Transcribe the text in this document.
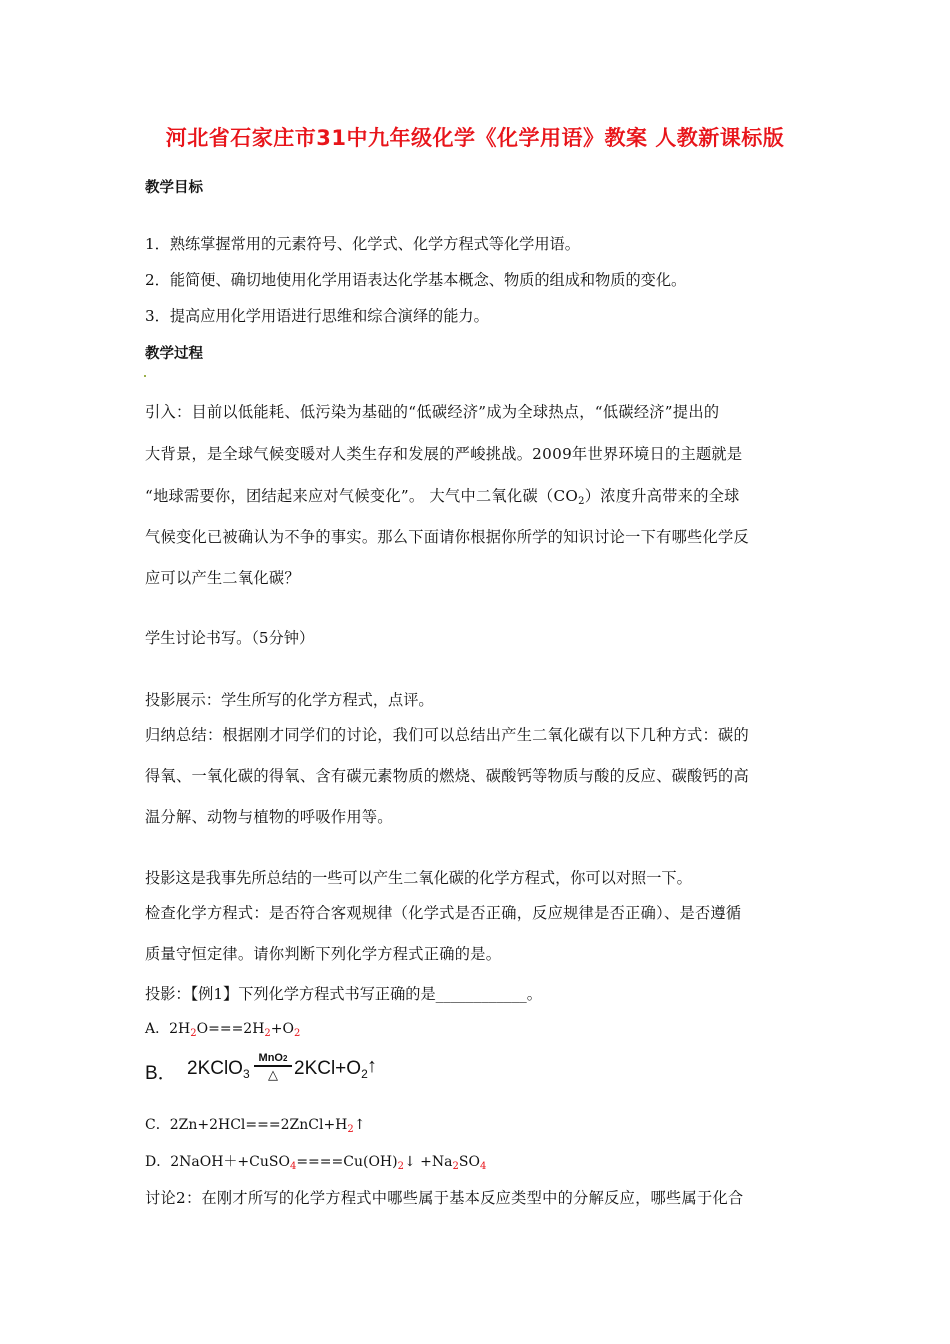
河北省石家庄市31中九年级化学《化学用语》教案 人教新课标版
教学目标
1．熟练掌握常用的元素符号、化学式、化学方程式等化学用语。
2．能简便、确切地使用化学用语表达化学基本概念、物质的组成和物质的变化。
3．提高应用化学用语进行思维和综合演绎的能力。
教学过程
引入：目前以低能耗、低污染为基础的“低碳经济”成为全球热点，“低碳经济”提出的
大背景，是全球气候变暖对人类生存和发展的严峻挑战。2009年世界环境日的主题就是
“地球需要你，团结起来应对气候变化”。 大气中二氧化碳$(CO_2)$浓度升高带来的全球
气候变化已被确认为不争的事实。那么下面请你根据你所学的知识讨论一下有哪些化学反
应可以产生二氧化碳？
学生讨论书写。（5分钟）
投影展示：学生所写的化学方程式，点评。
归纳总结：根据刚才同学们的讨论，我们可以总结出产生二氧化碳有以下几种方式：碳的
得氧、一氧化碳的得氧、含有碳元素物质的燃烧、碳酸钙等物质与酸的反应、碳酸钙的高
温分解、动物与植物的呼吸作用等。
投影这是我事先所总结的一些可以产生二氧化碳的化学方程式，你可以对照一下。
检查化学方程式：是否符合客观规律（化学式是否正确，反应规律是否正确）、是否遵循
质量守恒定律。请你判断下列化学方程式正确的是。
投影：【例1】下列化学方程式书写正确的是____________。
A．$2H_2O===2H_2+O_2$
B． 2KClO$_3$
MnO2
△ $2KCl+O_2$ ↑
C．$2Zn+2HCl===2ZnCl+H_2↑$
D．$2NaOH++CuSO_4====Cu(OH)_2↓ +Na_2SO_4$
讨论2：在刚才所写的化学方程式中哪些属于基本反应类型中的分解反应，哪些属于化合
